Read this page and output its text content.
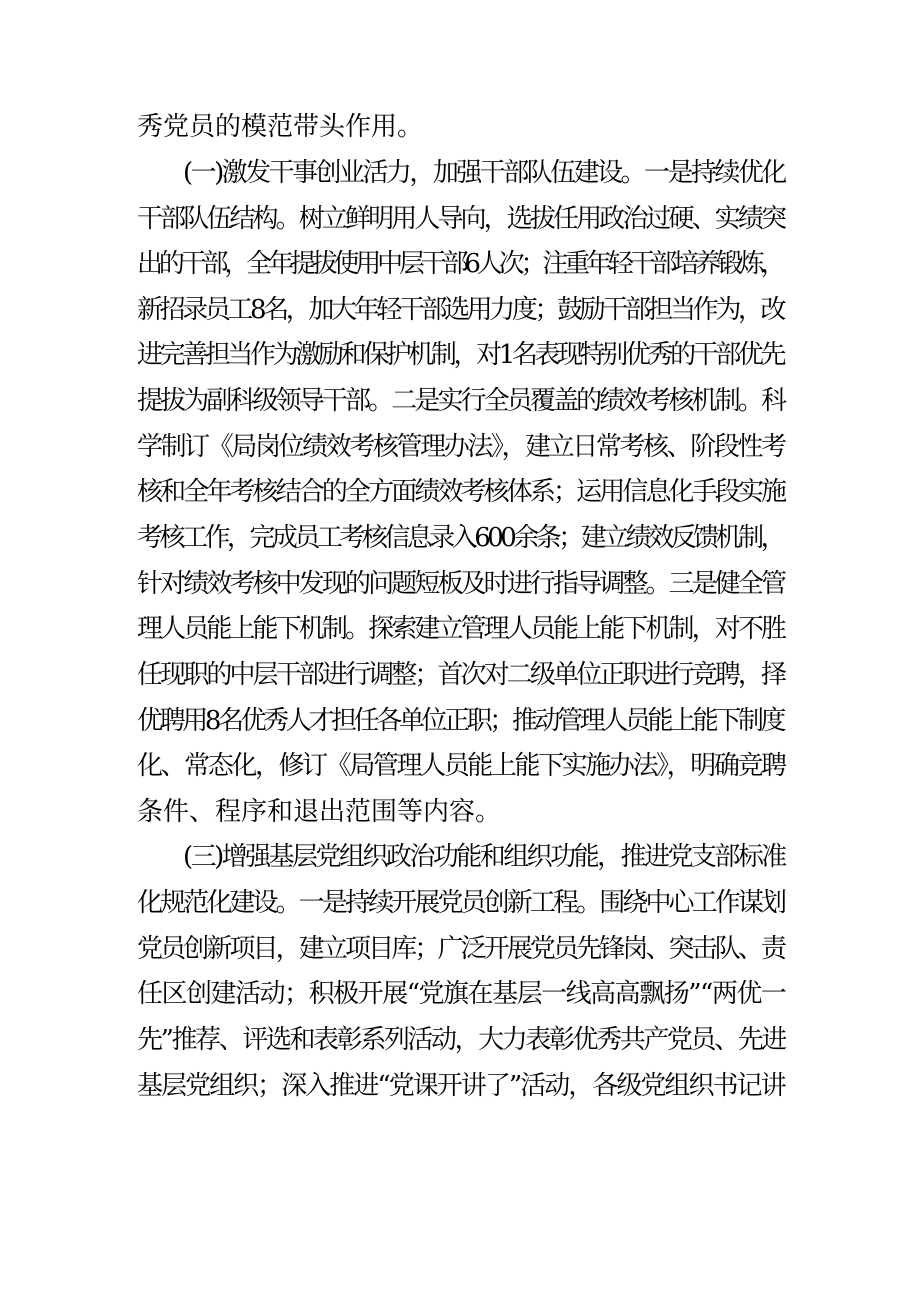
秀党员的模范带头作用。
(一)激发干事创业活力，加强干部队伍建设。一是持续优化
干部队伍结构。树立鲜明用人导向，选拔任用政治过硬、实绩突
出的干部，全年提拔使用中层干部6人次；注重年轻干部培养锻炼，
新招录员工8名，加大年轻干部选用力度；鼓励干部担当作为，改
进完善担当作为激励和保护机制，对1名表现特别优秀的干部优先
提拔为副科级领导干部。二是实行全员覆盖的绩效考核机制。科
学制订《局岗位绩效考核管理办法》，建立日常考核、阶段性考
核和全年考核结合的全方面绩效考核体系；运用信息化手段实施
考核工作，完成员工考核信息录入600余条；建立绩效反馈机制，
针对绩效考核中发现的问题短板及时进行指导调整。三是健全管
理人员能上能下机制。探索建立管理人员能上能下机制，对不胜
任现职的中层干部进行调整；首次对二级单位正职进行竞聘，择
优聘用8名优秀人才担任各单位正职；推动管理人员能上能下制度
化、常态化，修订《局管理人员能上能下实施办法》，明确竞聘
条件、程序和退出范围等内容。
(三)增强基层党组织政治功能和组织功能，推进党支部标准
化规范化建设。一是持续开展党员创新工程。围绕中心工作谋划
党员创新项目，建立项目库；广泛开展党员先锋岗、突击队、责
任区创建活动；积极开展“党旗在基层一线高高飘扬”“两优一
先”推荐、评选和表彰系列活动，大力表彰优秀共产党员、先进
基层党组织；深入推进“党课开讲了”活动，各级党组织书记讲
